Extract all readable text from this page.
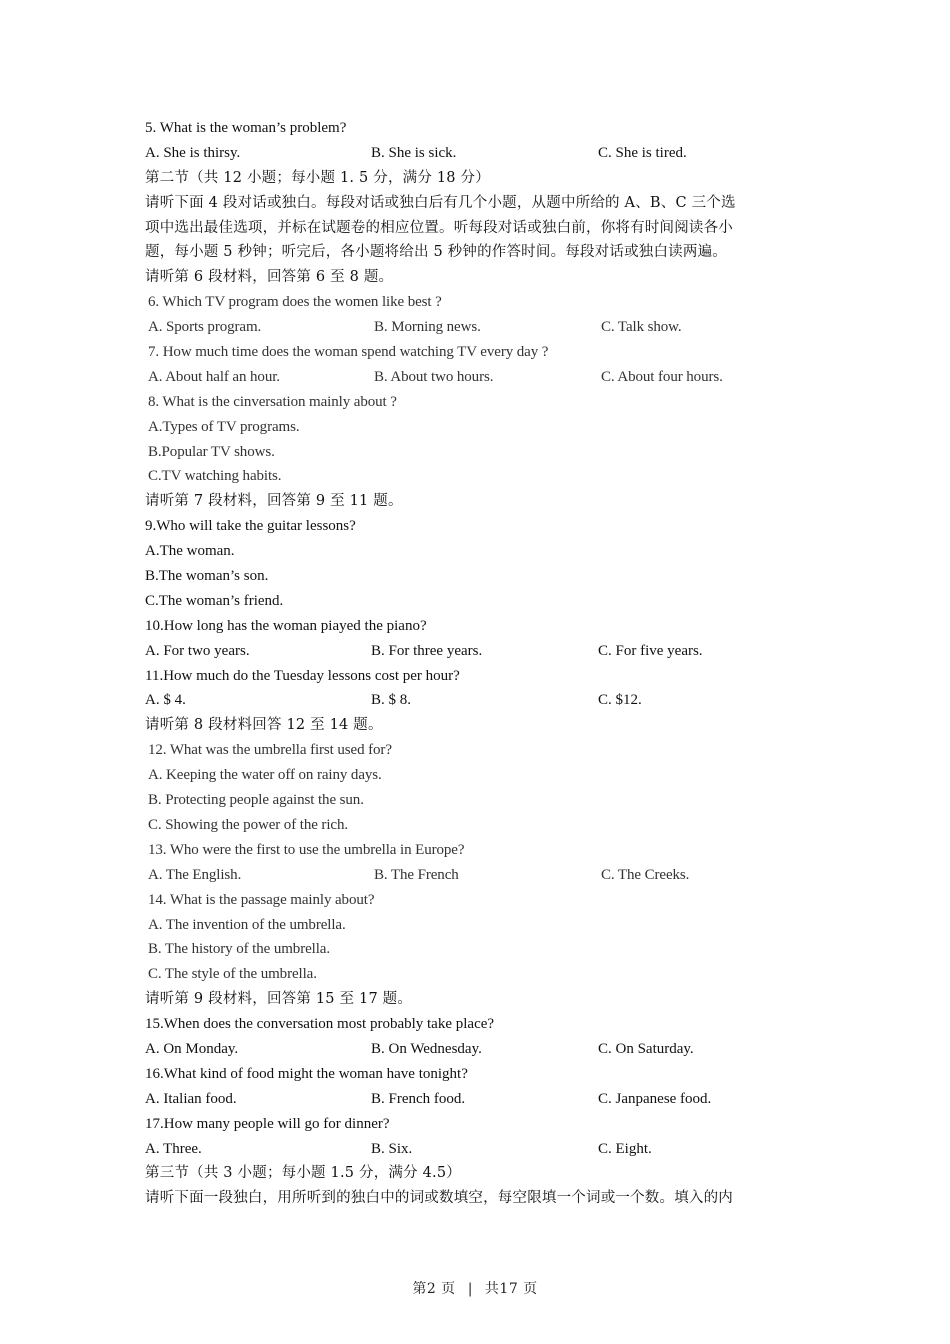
5. What is the woman’s problem?
A. She is thirsy.	B. She is sick.	C. She is tired.
第二节（共 12 小题；每小题 1. 5 分，满分 18 分）
请听下面 4 段对话或独白。每段对话或独白后有几个小题，从题中所给的 A、B、C 三个选
项中选出最佳选项，并标在试题卷的相应位置。听每段对话或独白前，你将有时间阅读各小
题，每小题 5 秒钟；听完后，各小题将给出 5 秒钟的作答时间。每段对话或独白读两遍。
请听第 6 段材料，回答第 6 至 8 题。
6. Which TV program does the women like best ?
A. Sports program.	B. Morning news.	C. Talk show.
7. How much time does the woman spend watching TV every day ?
A. About half an hour.	B. About two hours.	C. About four hours.
8. What is the cinversation mainly about ?
A.Types of TV programs.
B.Popular TV shows.
C.TV watching habits.
请听第 7 段材料，回答第 9 至 11 题。
9.Who will take the guitar lessons?
A.The woman.
B.The woman’s son.
C.The woman’s friend.
10.How long has the woman piayed the piano?
A. For two years.	B. For three years.	C. For five years.
11.How much do the Tuesday lessons cost per hour?
A. $ 4.	B. $ 8.	C. $12.
请听第 8 段材料回答 12 至 14 题。
12. What was the umbrella first used for?
A. Keeping the water off on rainy days.
B. Protecting people against the sun.
C. Showing the power of the rich.
13. Who were the first to use the umbrella in Europe?
A. The English.	B. The French	C. The Creeks.
14. What is the passage mainly about?
A. The invention of the umbrella.
B. The history of the umbrella.
C. The style of the umbrella.
请听第 9 段材料，回答第 15 至 17 题。
15.When does the conversation most probably take place?
A. On Monday.	B. On Wednesday.	C. On Saturday.
16.What kind of food might the woman have tonight?
A. Italian food.	B. French food.	C. Janpanese food.
17.How many people will go for dinner?
A. Three.	B. Six.	C. Eight.
第三节（共 3 小题；每小题 1.5 分，满分 4.5）
请听下面一段独白，用所听到的独白中的词或数填空，每空限填一个词或一个数。填入的内
第2 页 | 共17 页
